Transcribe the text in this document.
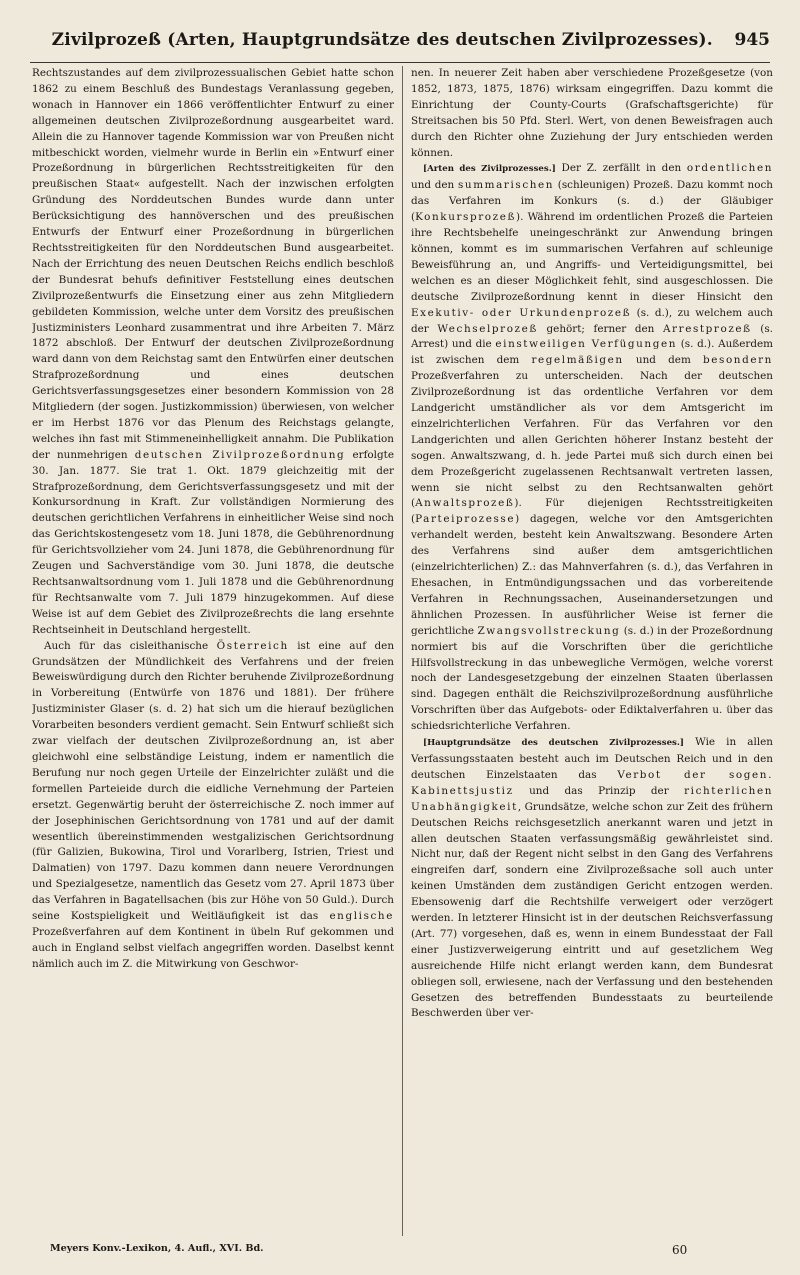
Zivilprozeß (Arten, Hauptgrundsätze des deutschen Zivilprozesses).	945

Rechtszustandes auf dem zivilprozessualischen Gebiet hatte schon 1862 zu einem Beschluß des Bundestags Veranlassung gegeben, wonach in Hannover ein 1866 veröffentlichter Entwurf zu einer allgemeinen deutschen Zivilprozeßordnung ausgearbeitet ward. Allein die zu Hannover tagende Kommission war von Preußen nicht mitbeschickt worden, vielmehr wurde in Berlin ein »Entwurf einer Prozeßordnung in bürgerlichen Rechtsstreitigkeiten für den preußischen Staat« aufgestellt. Nach der inzwischen erfolgten Gründung des Norddeutschen Bundes wurde dann unter Berücksichtigung des hannöverschen und des preußischen Entwurfs der Entwurf einer Prozeßordnung in bürgerlichen Rechtsstreitigkeiten für den Norddeutschen Bund ausgearbeitet. Nach der Errichtung des neuen Deutschen Reichs endlich beschloß der Bundesrat behufs definitiver Feststellung eines deutschen Zivilprozeßentwurfs die Einsetzung einer aus zehn Mitgliedern gebildeten Kommission, welche unter dem Vorsitz des preußischen Justizministers Leonhard zusammentrat und ihre Arbeiten 7. März 1872 abschloß. Der Entwurf der deutschen Zivilprozeßordnung ward dann von dem Reichstag samt den Entwürfen einer deutschen Strafprozeßordnung und eines deutschen Gerichtsverfassungsgesetzes einer besondern Kommission von 28 Mitgliedern (der sogen. Justizkommission) überwiesen, von welcher er im Herbst 1876 vor das Plenum des Reichstags gelangte, welches ihn fast mit Stimmeneinhelligkeit annahm. Die Publikation der nunmehrigen deutschen Zivilprozeßordnung erfolgte 30. Jan. 1877. Sie trat 1. Okt. 1879 gleichzeitig mit der Strafprozeßordnung, dem Gerichtsverfassungsgesetz und mit der Konkursordnung in Kraft. Zur vollständigen Normierung des deutschen gerichtlichen Verfahrens in einheitlicher Weise sind noch das Gerichtskostengesetz vom 18. Juni 1878, die Gebührenordnung für Gerichtsvollzieher vom 24. Juni 1878, die Gebührenordnung für Zeugen und Sachverständige vom 30. Juni 1878, die deutsche Rechtsanwaltsordnung vom 1. Juli 1878 und die Gebührenordnung für Rechtsanwalte vom 7. Juli 1879 hinzugekommen. Auf diese Weise ist auf dem Gebiet des Zivilprozeßrechts die lang ersehnte Rechtseinheit in Deutschland hergestellt.

Auch für das cisleithanische Österreich ist eine auf den Grundsätzen der Mündlichkeit des Verfahrens und der freien Beweiswürdigung durch den Richter beruhende Zivilprozeßordnung in Vorbereitung (Entwürfe von 1876 und 1881). Der frühere Justizminister Glaser (s. d. 2) hat sich um die hierauf bezüglichen Vorarbeiten besonders verdient gemacht. Sein Entwurf schließt sich zwar vielfach der deutschen Zivilprozeßordnung an, ist aber gleichwohl eine selbständige Leistung, indem er namentlich die Berufung nur noch gegen Urteile der Einzelrichter zuläßt und die formellen Parteieide durch die eidliche Vernehmung der Parteien ersetzt. Gegenwärtig beruht der österreichische Z. noch immer auf der Josephinischen Gerichtsordnung von 1781 und auf der damit wesentlich übereinstimmenden westgalizischen Gerichtsordnung (für Galizien, Bukowina, Tirol und Vorarlberg, Istrien, Triest und Dalmatien) von 1797. Dazu kommen dann neuere Verordnungen und Spezialgesetze, namentlich das Gesetz vom 27. April 1873 über das Verfahren in Bagatellsachen (bis zur Höhe von 50 Guld.). Durch seine Kostspieligkeit und Weitläufigkeit ist das englische Prozeßverfahren auf dem Kontinent in übeln Ruf gekommen und auch in England selbst vielfach angegriffen worden. Daselbst kennt nämlich auch im Z. die Mitwirkung von Geschwor-

nen. In neuerer Zeit haben aber verschiedene Prozeßgesetze (von 1852, 1873, 1875, 1876) wirksam eingegriffen. Dazu kommt die Einrichtung der County-Courts (Grafschaftsgerichte) für Streitsachen bis 50 Pfd. Sterl. Wert, von denen Beweisfragen auch durch den Richter ohne Zuziehung der Jury entschieden werden können.

[Arten des Zivilprozesses.] Der Z. zerfällt in den ordentlichen und den summarischen (schleunigen) Prozeß. Dazu kommt noch das Verfahren im Konkurs (s. d.) der Gläubiger (Konkursprozeß). Während im ordentlichen Prozeß die Parteien ihre Rechtsbehelfe uneingeschränkt zur Anwendung bringen können, kommt es im summarischen Verfahren auf schleunige Beweisführung an, und Angriffs- und Verteidigungsmittel, bei welchen es an dieser Möglichkeit fehlt, sind ausgeschlossen. Die deutsche Zivilprozeßordnung kennt in dieser Hinsicht den Exekutiv- oder Urkundenprozeß (s. d.), zu welchem auch der Wechselprozeß gehört; ferner den Arrestprozeß (s. Arrest) und die einstweiligen Verfügungen (s. d.). Außerdem ist zwischen dem regelmäßigen und dem besondern Prozeßverfahren zu unterscheiden. Nach der deutschen Zivilprozeßordnung ist das ordentliche Verfahren vor dem Landgericht umständlicher als vor dem Amtsgericht im einzelrichterlichen Verfahren. Für das Verfahren vor den Landgerichten und allen Gerichten höherer Instanz besteht der sogen. Anwaltszwang, d. h. jede Partei muß sich durch einen bei dem Prozeßgericht zugelassenen Rechtsanwalt vertreten lassen, wenn sie nicht selbst zu den Rechtsanwalten gehört (Anwaltsprozeß). Für diejenigen Rechtsstreitigkeiten (Parteiprozesse) dagegen, welche vor den Amtsgerichten verhandelt werden, besteht kein Anwaltszwang. Besondere Arten des Verfahrens sind außer dem amtsgerichtlichen (einzelrichterlichen) Z.: das Mahnverfahren (s. d.), das Verfahren in Ehesachen, in Entmündigungssachen und das vorbereitende Verfahren in Rechnungssachen, Auseinandersetzungen und ähnlichen Prozessen. In ausführlicher Weise ist ferner die gerichtliche Zwangsvollstreckung (s. d.) in der Prozeßordnung normiert bis auf die Vorschriften über die gerichtliche Hilfsvollstreckung in das unbewegliche Vermögen, welche vorerst noch der Landesgesetzgebung der einzelnen Staaten überlassen sind. Dagegen enthält die Reichszivilprozeßordnung ausführliche Vorschriften über das Aufgebots- oder Ediktalverfahren u. über das schiedsrichterliche Verfahren.

[Hauptgrundsätze des deutschen Zivilprozesses.] Wie in allen Verfassungsstaaten besteht auch im Deutschen Reich und in den deutschen Einzelstaaten das Verbot der sogen. Kabinettsjustiz und das Prinzip der richterlichen Unabhängigkeit, Grundsätze, welche schon zur Zeit des frühern Deutschen Reichs reichsgesetzlich anerkannt waren und jetzt in allen deutschen Staaten verfassungsmäßig gewährleistet sind. Nicht nur, daß der Regent nicht selbst in den Gang des Verfahrens eingreifen darf, sondern eine Zivilprozeßsache soll auch unter keinen Umständen dem zuständigen Gericht entzogen werden. Ebensowenig darf die Rechtshilfe verweigert oder verzögert werden. In letzterer Hinsicht ist in der deutschen Reichsverfassung (Art. 77) vorgesehen, daß es, wenn in einem Bundesstaat der Fall einer Justizverweigerung eintritt und auf gesetzlichem Weg ausreichende Hilfe nicht erlangt werden kann, dem Bundesrat obliegen soll, erwiesene, nach der Verfassung und den bestehenden Gesetzen des betreffenden Bundesstaats zu beurteilende Beschwerden über ver-

Meyers Konv.-Lexikon, 4. Aufl., XVI. Bd.	60
